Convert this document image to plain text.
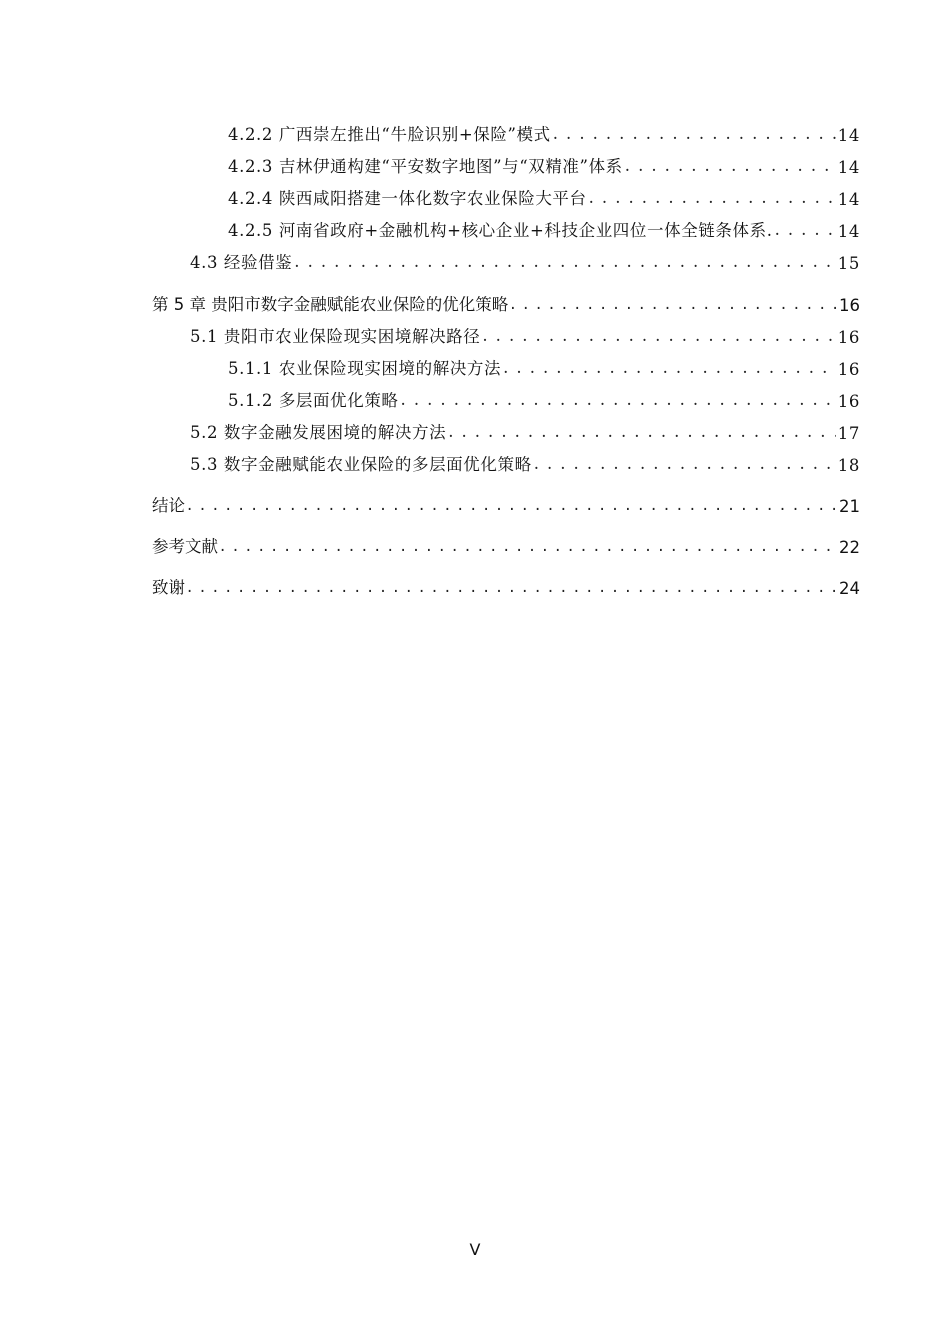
4.2.2 广西崇左推出“牛脸识别+保险”模式 . . .	14
4.2.3 吉林伊通构建“平安数字地图”与“双精准”体系 . . .	14
4.2.4 陕西咸阳搭建一体化数字农业保险大平台 . . .	14
4.2.5 河南省政府+金融机构+核心企业+科技企业四位一体全链条体系. . . .	14
4.3 经验借鉴 . . .	15
第 5 章 贵阳市数字金融赋能农业保险的优化策略 . . .	16
5.1 贵阳市农业保险现实困境解决路径 . . .	16
5.1.1 农业保险现实困境的解决方法 . . .	16
5.1.2 多层面优化策略 . . .	16
5.2 数字金融发展困境的解决方法 . . .	17
5.3 数字金融赋能农业保险的多层面优化策略 . . .	18
结论 . . .	21
参考文献 . . .	22
致谢 . . .	24
V
